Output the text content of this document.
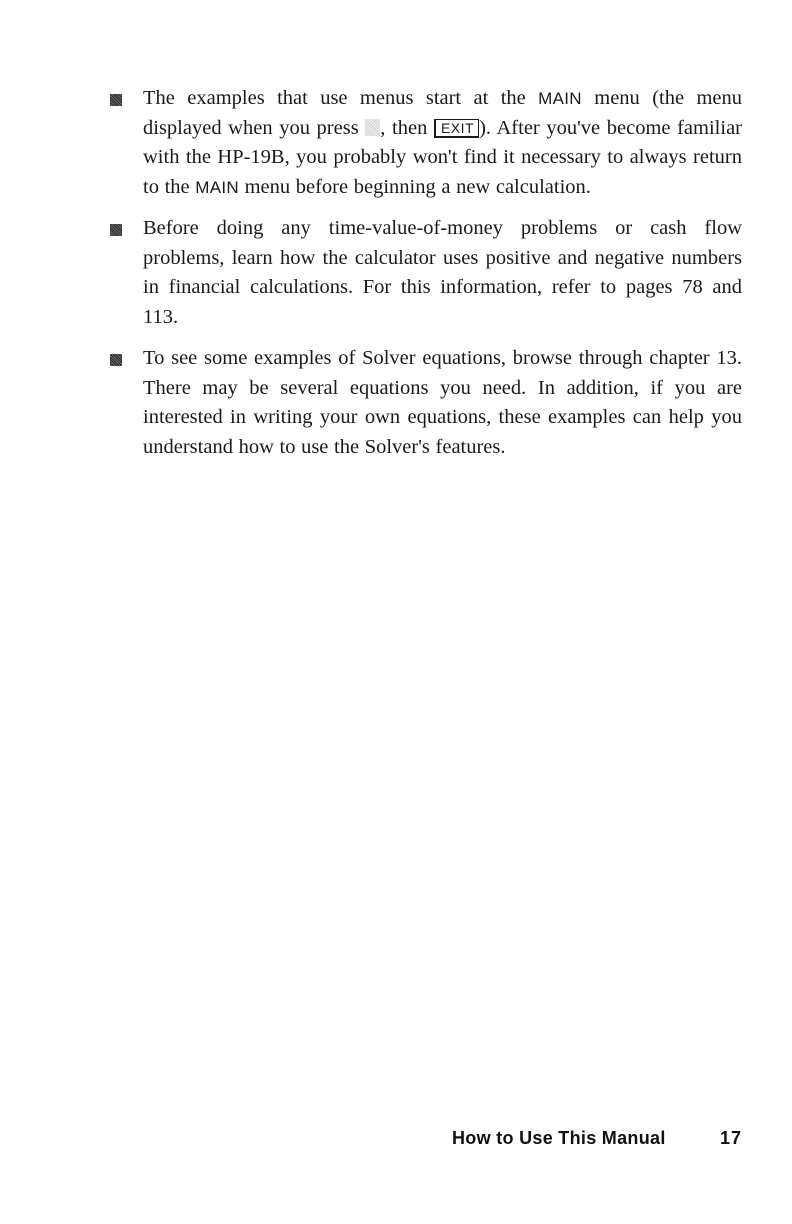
The examples that use menus start at the MAIN menu (the menu displayed when you press , then EXIT ). After you've become familiar with the HP-19B, you probably won't find it necessary to always return to the MAIN menu before beginning a new calculation.
Before doing any time-value-of-money problems or cash flow problems, learn how the calculator uses positive and negative numbers in financial calculations. For this information, refer to pages 78 and 113.
To see some examples of Solver equations, browse through chapter 13. There may be several equations you need. In addition, if you are interested in writing your own equations, these examples can help you understand how to use the Solver's features.
How to Use This Manual	17
